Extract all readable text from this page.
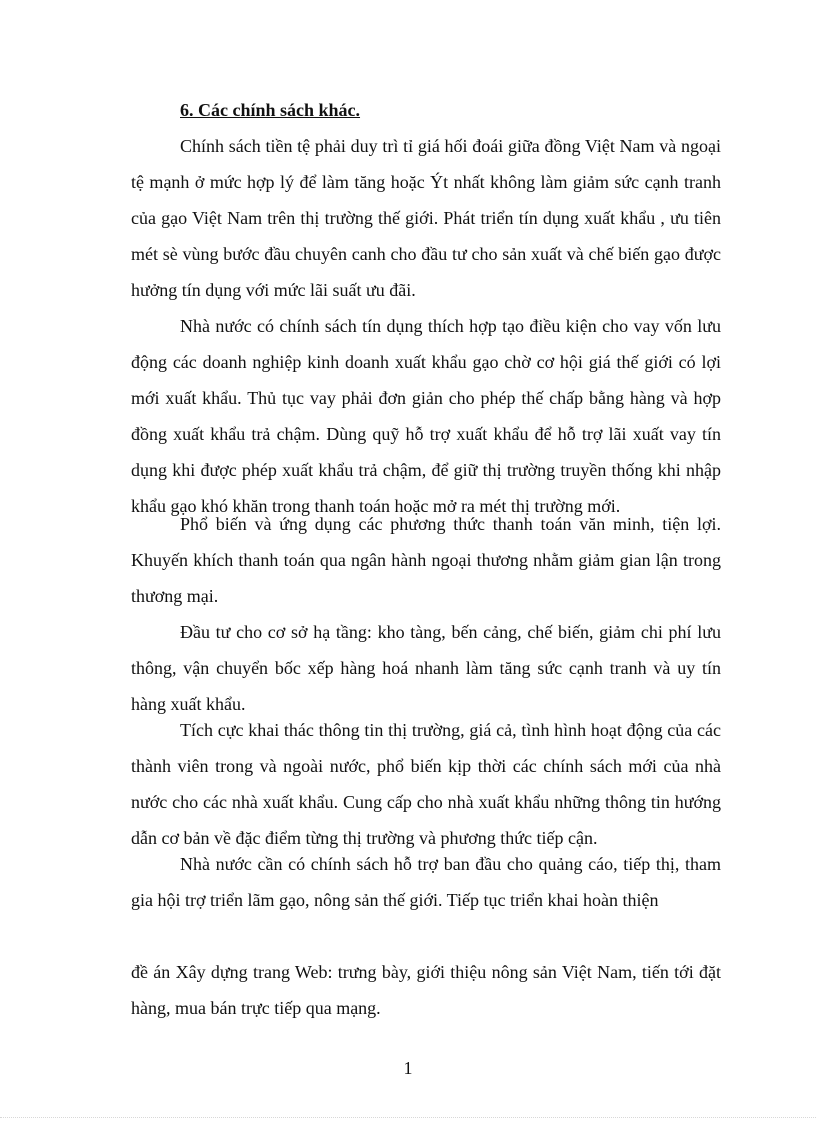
6. Các chính sách khác.

Chính sách tiền tệ phải duy trì tỉ giá hối đoái giữa đồng Việt Nam và ngoại tệ mạnh ở mức hợp lý để làm tăng hoặc Ýt nhất không làm giảm sức cạnh tranh của gạo Việt Nam trên thị trường thế giới. Phát triển tín dụng xuất khẩu , ưu tiên mét sè vùng bước đầu chuyên canh cho đầu tư cho sản xuất và chế biến gạo được hưởng tín dụng với mức lãi suất ưu đãi.

Nhà nước có chính sách tín dụng thích hợp tạo điều kiện cho vay vốn lưu động các doanh nghiệp kinh doanh xuất khẩu gạo chờ cơ hội giá thế giới có lợi mới xuất khẩu. Thủ tục vay phải đơn giản cho phép thế chấp bằng hàng và hợp đồng xuất khẩu trả chậm. Dùng quỹ hỗ trợ xuất khẩu để hỗ trợ lãi xuất vay tín dụng khi được phép xuất khẩu trả chậm, để giữ thị trường truyền thống khi nhập khẩu gạo khó khăn trong thanh toán hoặc mở ra mét thị trường mới.

Phổ biến và ứng dụng các phương thức thanh toán văn minh, tiện lợi. Khuyến khích thanh toán qua ngân hành ngoại thương nhằm giảm gian lận trong thương mại.

Đầu tư cho cơ sở hạ tầng: kho tàng, bến cảng, chế biến, giảm chi phí lưu thông, vận chuyển bốc xếp hàng hoá nhanh làm tăng sức cạnh tranh và uy tín hàng xuất khẩu.

Tích cực khai thác thông tin thị trường, giá cả, tình hình hoạt động của các thành viên trong và ngoài nước, phổ biến kịp thời các chính sách mới của nhà nước cho các nhà xuất khẩu. Cung cấp cho nhà xuất khẩu những thông tin hướng dẫn cơ bản về đặc điểm từng thị trường và phương thức tiếp cận.

Nhà nước cần có chính sách hỗ trợ ban đầu cho quảng cáo, tiếp thị, tham gia hội trợ triển lãm gạo, nông sản thế giới. Tiếp tục triển khai hoàn thiện

đề án Xây dựng trang Web: trưng bày, giới thiệu nông sản Việt Nam, tiến tới đặt hàng, mua bán trực tiếp qua mạng.

1
